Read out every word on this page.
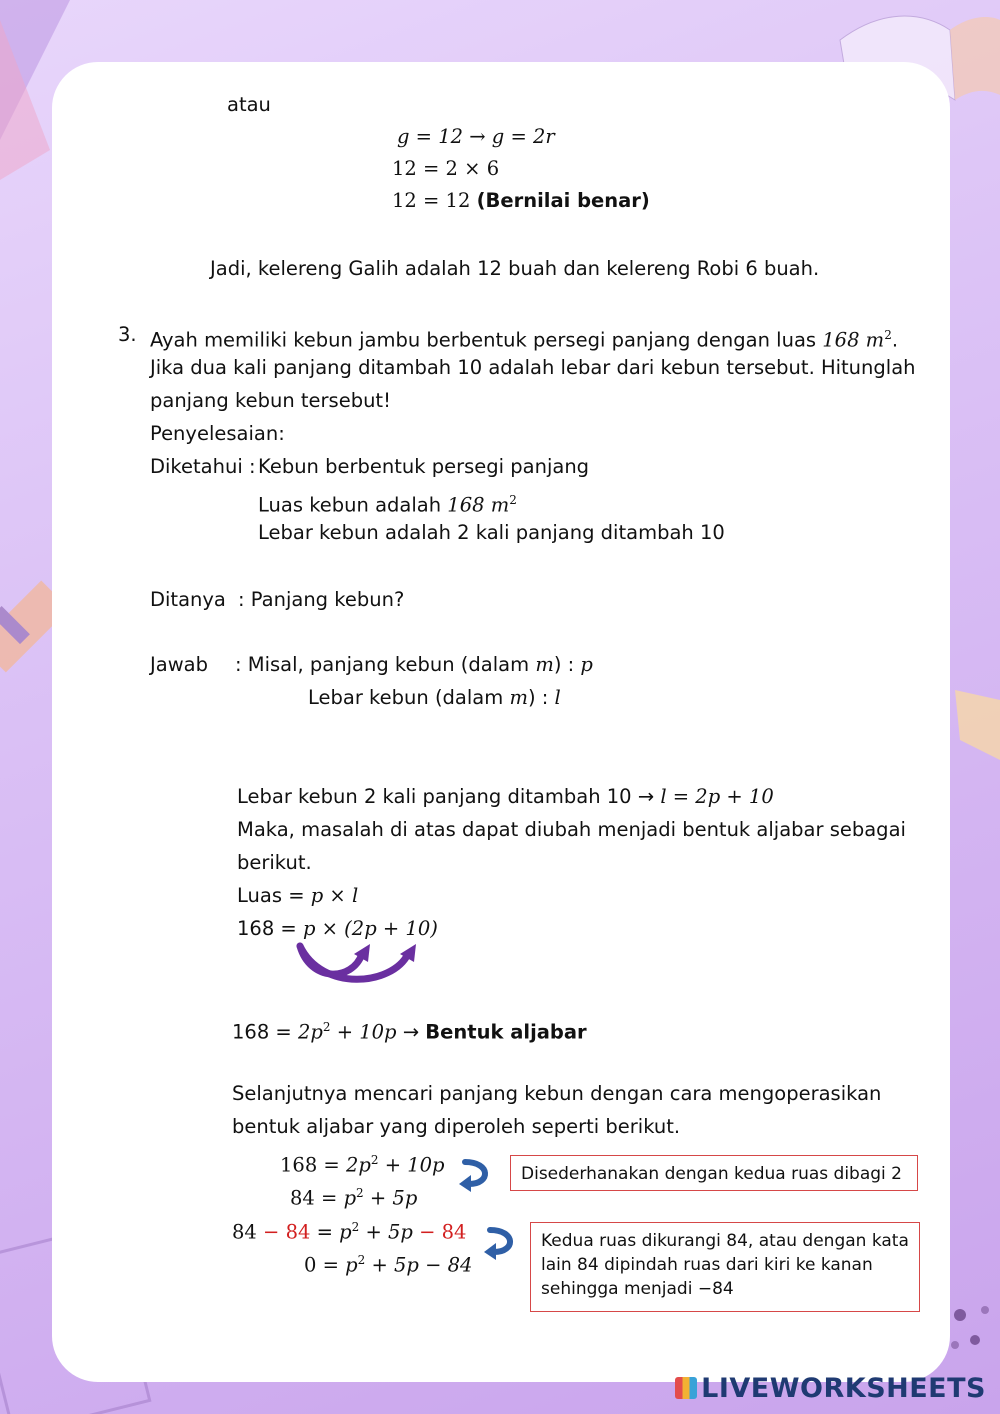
atau
g = 12 → g = 2r
12 = 2 × 6
12 = 12 (Bernilai benar)
Jadi, kelereng Galih adalah 12 buah dan kelereng Robi 6 buah.
3. Ayah memiliki kebun jambu berbentuk persegi panjang dengan luas 168 $m^2$.
Jika dua kali panjang ditambah 10 adalah lebar dari kebun tersebut. Hitunglah
panjang kebun tersebut!
Penyelesaian:
Diketahui : Kebun berbentuk persegi panjang
Luas kebun adalah 168 $m^2$
Lebar kebun adalah 2 kali panjang ditambah 10
Ditanya : Panjang kebun?
Jawab : Misal, panjang kebun (dalam m) : p
Lebar kebun (dalam m) : l
Lebar kebun 2 kali panjang ditambah 10 → l = 2p + 10
Maka, masalah di atas dapat diubah menjadi bentuk aljabar sebagai
berikut.
Luas = p × l
168 = p × (2p + 10)
$168 = 2p^2 + 10p$ → Bentuk aljabar
Selanjutnya mencari panjang kebun dengan cara mengoperasikan
bentuk aljabar yang diperoleh seperti berikut.
$168 = 2p^2 + 10p$
$84 = p^2 + 5p$
$84 - 84 = p^2 + 5p - 84$
$0 = p^2 + 5p - 84$
Disederhanakan dengan kedua ruas dibagi 2
Kedua ruas dikurangi 84, atau dengan kata
lain 84 dipindah ruas dari kiri ke kanan
sehingga menjadi −84
LIVEWORKSHEETS
